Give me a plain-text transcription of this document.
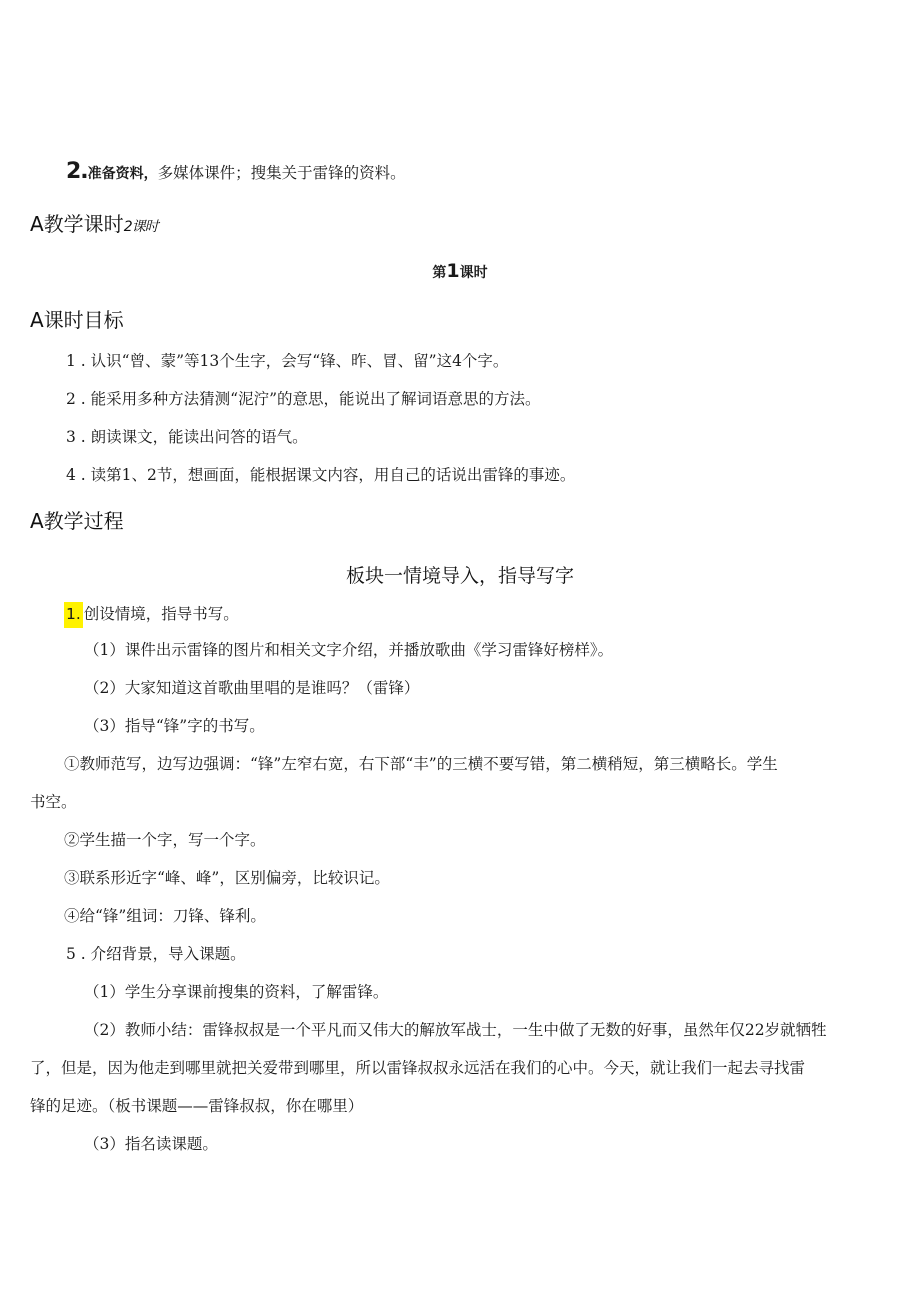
2.准备资料，多媒体课件；搜集关于雷锋的资料。
A教学课时2课时
第1课时
A课时目标
1 . 认识“曾、蒙”等13个生字，会写“锋、昨、冒、留”这4个字。
2 . 能采用多种方法猜测“泥泞”的意思，能说出了解词语意思的方法。
3 . 朗读课文，能读出问答的语气。
4 . 读第1、2节，想画面，能根据课文内容，用自己的话说出雷锋的事迹。
A教学过程
板块一情境导入，指导写字
1. 创设情境，指导书写。
（1）课件出示雷锋的图片和相关文字介绍，并播放歌曲《学习雷锋好榜样》。
（2）大家知道这首歌曲里唱的是谁吗？（雷锋）
（3）指导“锋”字的书写。
①教师范写，边写边强调：“锋”左窄右宽，右下部“丰”的三横不要写错，第二横稍短，第三横略长。学生
书空。
②学生描一个字，写一个字。
③联系形近字“峰、峰”，区别偏旁，比较识记。
④给“锋”组词：刀锋、锋利。
5 . 介绍背景，导入课题。
（1）学生分享课前搜集的资料，了解雷锋。
（2）教师小结：雷锋叔叔是一个平凡而又伟大的解放军战士，一生中做了无数的好事，虽然年仅22岁就牺牲
了，但是，因为他走到哪里就把关爱带到哪里，所以雷锋叔叔永远活在我们的心中。今天，就让我们一起去寻找雷
锋的足迹。（板书课题——雷锋叔叔，你在哪里）
（3）指名读课题。
